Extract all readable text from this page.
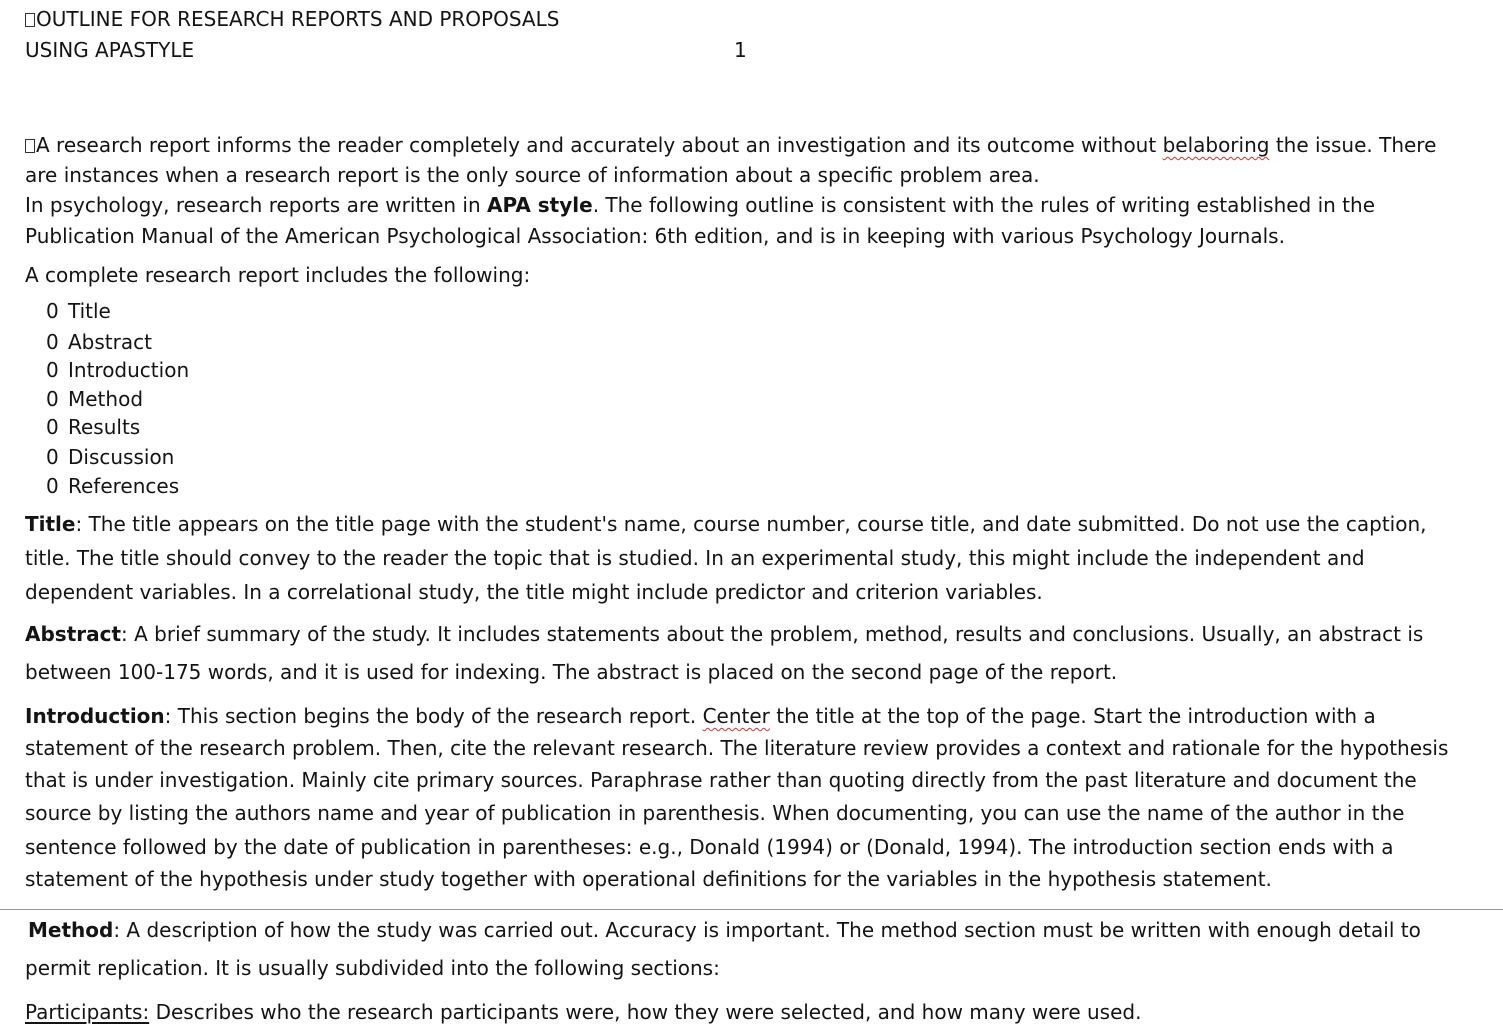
OUTLINE FOR RESEARCH REPORTS AND PROPOSALS
USING APASTYLE	1
A research report informs the reader completely and accurately about an investigation and its outcome without belaboring the issue. There
are instances when a research report is the only source of information about a specific problem area.
In psychology, research reports are written in APA style. The following outline is consistent with the rules of writing established in the
Publication Manual of the American Psychological Association: 6th edition, and is in keeping with various Psychology Journals.
A complete research report includes the following:
0 Title
0 Abstract
0 Introduction
0 Method
0 Results
0 Discussion
0 References
Title: The title appears on the title page with the student's name, course number, course title, and date submitted. Do not use the caption,
title. The title should convey to the reader the topic that is studied. In an experimental study, this might include the independent and
dependent variables. In a correlational study, the title might include predictor and criterion variables.
Abstract: A brief summary of the study. It includes statements about the problem, method, results and conclusions. Usually, an abstract is
between 100-175 words, and it is used for indexing. The abstract is placed on the second page of the report.
Introduction: This section begins the body of the research report. Center the title at the top of the page. Start the introduction with a
statement of the research problem. Then, cite the relevant research. The literature review provides a context and rationale for the hypothesis
that is under investigation. Mainly cite primary sources. Paraphrase rather than quoting directly from the past literature and document the
source by listing the authors name and year of publication in parenthesis. When documenting, you can use the name of the author in the
sentence followed by the date of publication in parentheses: e.g., Donald (1994) or (Donald, 1994). The introduction section ends with a
statement of the hypothesis under study together with operational definitions for the variables in the hypothesis statement.
Method: A description of how the study was carried out. Accuracy is important. The method section must be written with enough detail to
permit replication. It is usually subdivided into the following sections:
Participants: Describes who the research participants were, how they were selected, and how many were used.
